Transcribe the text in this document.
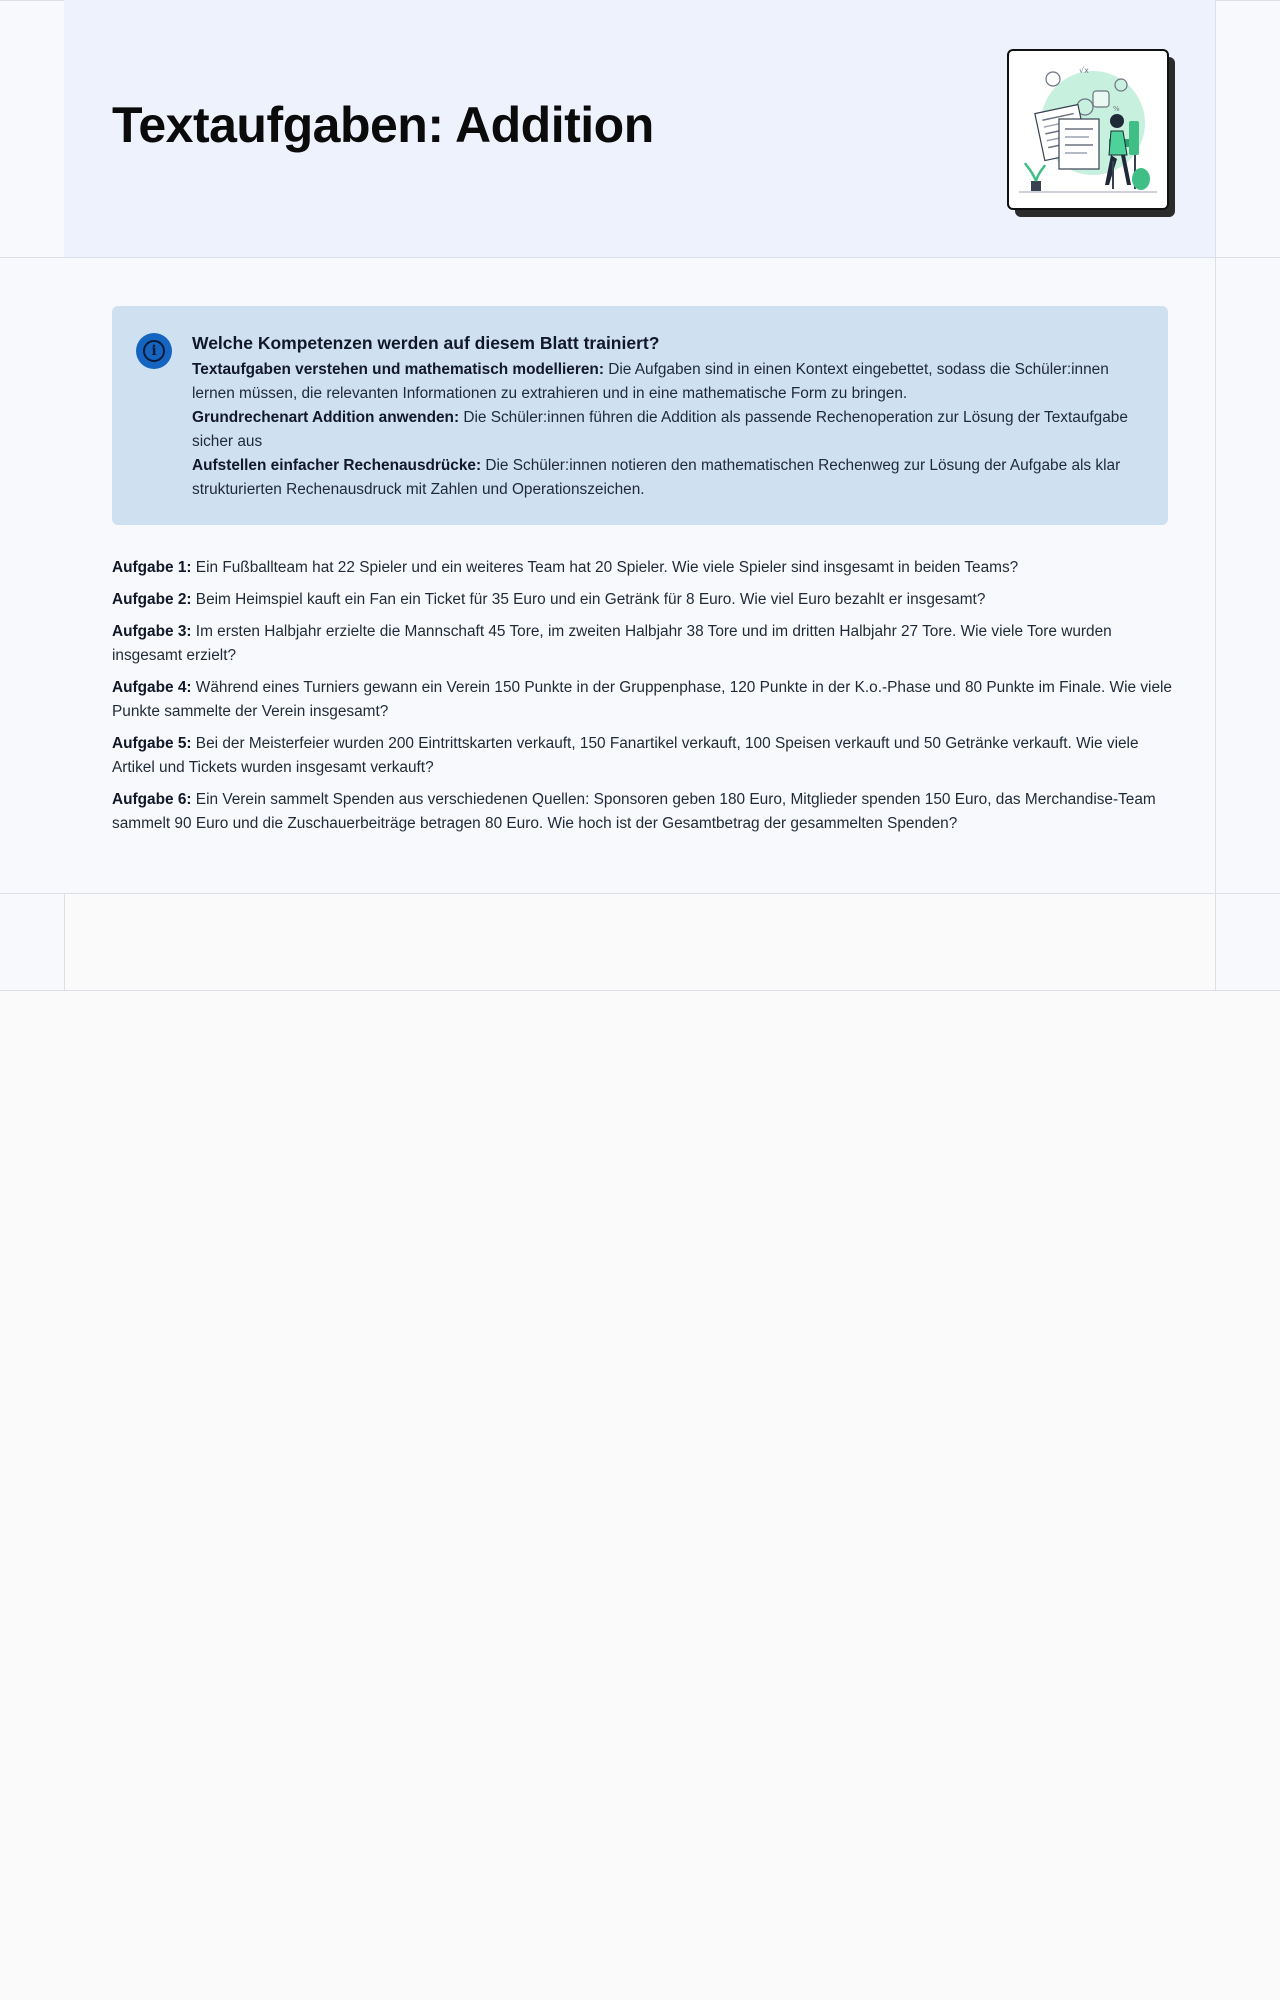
Textaufgaben: Addition
√x
%
i	Welche Kompetenzen werden auf diesem Blatt trainiert?

Textaufgaben verstehen und mathematisch modellieren: Die Aufgaben sind in einen Kontext eingebettet, sodass die Schüler:innen lernen müssen, die relevanten Informationen zu extrahieren und in eine mathematische Form zu bringen.

Grundrechenart Addition anwenden: Die Schüler:innen führen die Addition als passende Rechenoperation zur Lösung der Textaufgabe sicher aus

Aufstellen einfacher Rechenausdrücke: Die Schüler:innen notieren den mathematischen Rechenweg zur Lösung der Aufgabe als klar strukturierten Rechenausdruck mit Zahlen und Operationszeichen.

Aufgabe 1: Ein Fußballteam hat 22 Spieler und ein weiteres Team hat 20 Spieler. Wie viele Spieler sind insgesamt in beiden Teams?

Aufgabe 2: Beim Heimspiel kauft ein Fan ein Ticket für 35 Euro und ein Getränk für 8 Euro. Wie viel Euro bezahlt er insgesamt?

Aufgabe 3: Im ersten Halbjahr erzielte die Mannschaft 45 Tore, im zweiten Halbjahr 38 Tore und im dritten Halbjahr 27 Tore. Wie viele Tore wurden insgesamt erzielt?

Aufgabe 4: Während eines Turniers gewann ein Verein 150 Punkte in der Gruppenphase, 120 Punkte in der K.o.-Phase und 80 Punkte im Finale. Wie viele Punkte sammelte der Verein insgesamt?

Aufgabe 5: Bei der Meisterfeier wurden 200 Eintrittskarten verkauft, 150 Fanartikel verkauft, 100 Speisen verkauft und 50 Getränke verkauft. Wie viele Artikel und Tickets wurden insgesamt verkauft?

Aufgabe 6: Ein Verein sammelt Spenden aus verschiedenen Quellen: Sponsoren geben 180 Euro, Mitglieder spenden 150 Euro, das Merchandise-Team sammelt 90 Euro und die Zuschauerbeiträge betragen 80 Euro. Wie hoch ist der Gesamtbetrag der gesammelten Spenden?
